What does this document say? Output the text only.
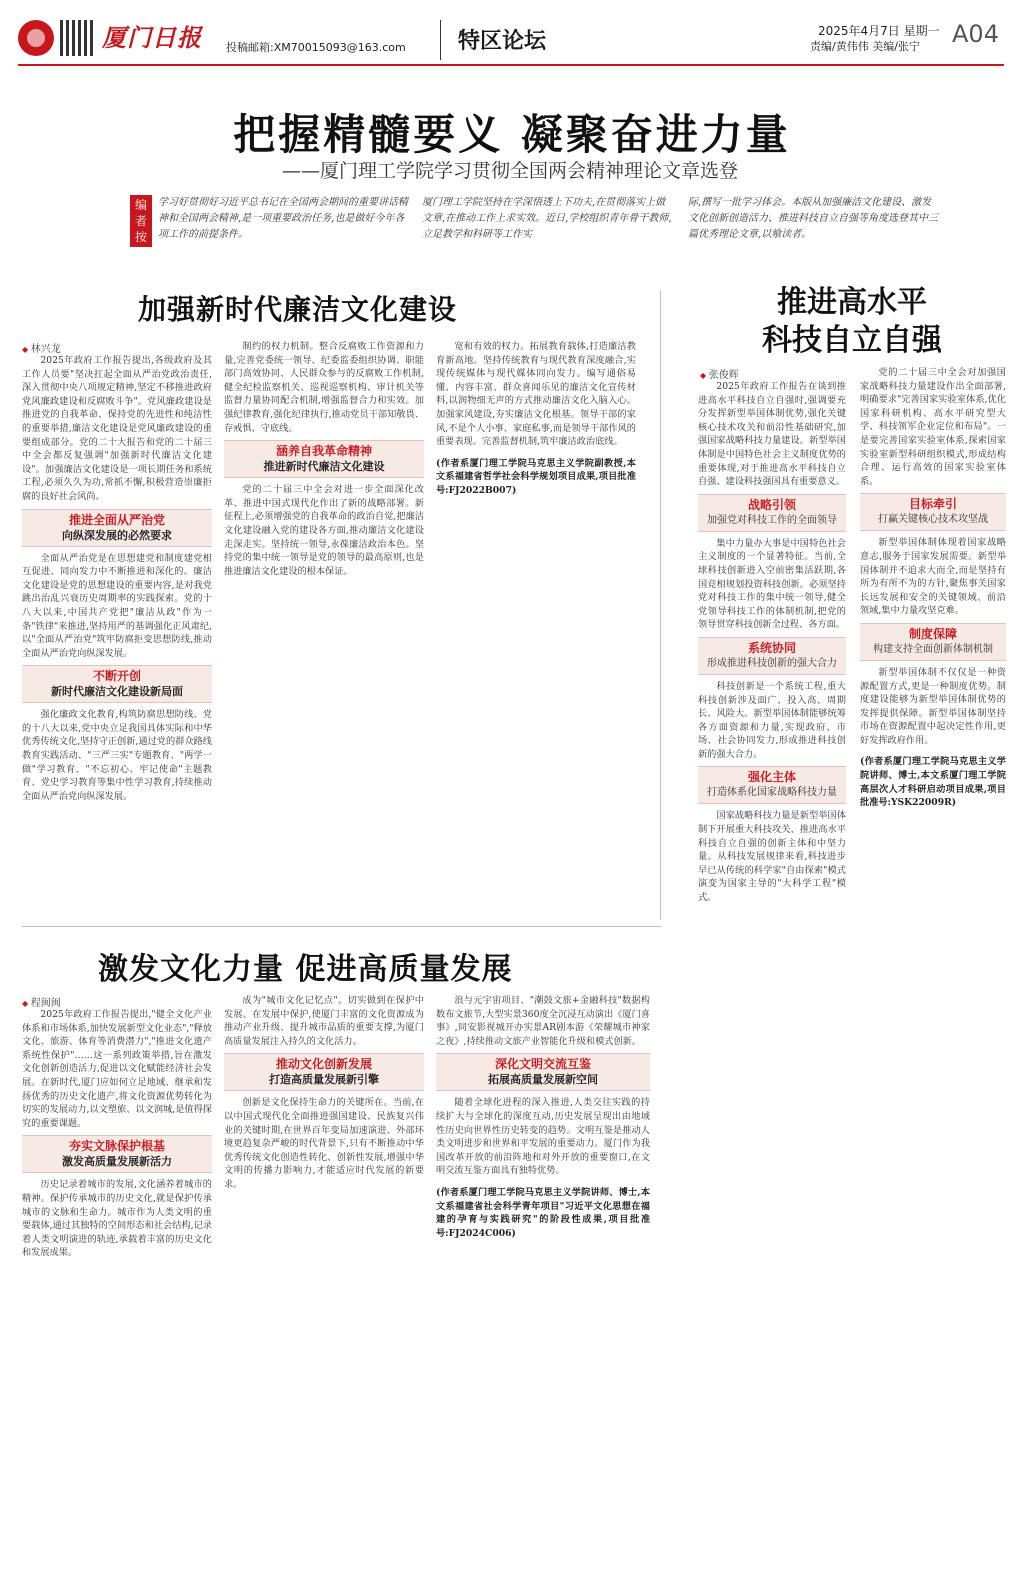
厦门日报 投稿邮箱:XM70015093@163.com 特区论坛	2025年4月7日 星期一
责编/黄伟伟 美编/张宁 A04
把握精髓要义 凝聚奋进力量
——厦门理工学院学习贯彻全国两会精神理论文章选登
编者按
学习好贯彻好习近平总书记在全国两会期间的重要讲话精神和全国两会精神,是一项重要政治任务,也是做好今年各项工作的前提条件。
厦门理工学院坚持在学深悟透上下功夫,在贯彻落实上做文章,在推动工作上求实效。近日,学校组织青年骨干教师,立足教学和科研等工作实
际,撰写一批学习体会。本版从加强廉洁文化建设、激发文化创新创造活力、推进科技自立自强等角度选登其中三篇优秀理论文章,以飨读者。
加强新时代廉洁文化建设
◆ 林兴龙

2025年政府工作报告提出,各级政府及其工作人员要"坚决扛起全面从严治党政治责任,深入贯彻中央八项规定精神,坚定不移推进政府党风廉政建设和反腐败斗争"。党风廉政建设是推进党的自我革命、保持党的先进性和纯洁性的重要举措,廉洁文化建设是党风廉政建设的重要组成部分。党的二十大报告和党的二十届三中全会都反复强调"加强新时代廉洁文化建设"。加强廉洁文化建设是一项长期任务和系统工程,必须久久为功,常抓不懈,积极营造崇廉拒腐的良好社会风尚。

推进全面从严治党
向纵深发展的必然要求

全面从严治党是在思想建党和制度建党相互促进、同向发力中不断推进和深化的。廉洁文化建设是党的思想建设的重要内容,是对我党跳出治乱兴衰历史周期率的实践探索。党的十八大以来,中国共产党把"廉洁从政"作为一条"铁律"来推进,坚持用严的基调强化正风肃纪,以"全面从严治党"筑牢防腐拒变思想防线,推动全面从严治党向纵深发展。

不断开创
新时代廉洁文化建设新局面

强化廉政文化教育,构筑防腐思想防线。党的十八大以来,党中央立足我国具体实际和中华优秀传统文化,坚持守正创新,通过党的群众路线教育实践活动、"三严三实"专题教育、"两学一做"学习教育、"不忘初心、牢记使命"主题教育、党史学习教育等集中性学习教育,持续推动全面从严治党向纵深发展。

制约的权力机制。整合反腐败工作资源和力量,完善党委统一领导、纪委监委组织协调、职能部门高效协同、人民群众参与的反腐败工作机制,健全纪检监察机关、巡视巡察机构、审计机关等监督力量协同配合机制,增强监督合力和实效。加强纪律教育,强化纪律执行,推动党员干部知敬畏、存戒惧、守底线。

涵养自我革命精神
推进新时代廉洁文化建设

党的二十届三中全会对进一步全面深化改革、推进中国式现代化作出了新的战略部署。新征程上,必须增强党的自我革命的政治自觉,把廉洁文化建设融入党的建设各方面,推动廉洁文化建设走深走实。坚持统一领导,永葆廉洁政治本色。坚持党的集中统一领导是党的领导的最高原则,也是推进廉洁文化建设的根本保证。

宽和有效的权力。拓展教育载体,打造廉洁教育新高地。坚持传统教育与现代教育深度融合,实现传统媒体与现代媒体同向发力。编写通俗易懂、内容丰富、群众喜闻乐见的廉洁文化宣传材料,以润物细无声的方式推动廉洁文化入脑入心。加强家风建设,夯实廉洁文化根基。领导干部的家风,不是个人小事、家庭私事,而是领导干部作风的重要表现。完善监督机制,筑牢廉洁政治底线。

(作者系厦门理工学院马克思主义学院副教授,本文系福建省哲学社会科学规划项目成果,项目批准号:FJ2022B007)

推进高水平
科技自立自强
◆ 张俊辉

2025年政府工作报告在谈到推进高水平科技自立自强时,强调要充分发挥新型举国体制优势,强化关键核心技术攻关和前沿性基础研究,加强国家战略科技力量建设。新型举国体制是中国特色社会主义制度优势的重要体现,对于推进高水平科技自立自强、建设科技强国具有重要意义。

战略引领
加强党对科技工作的全面领导

集中力量办大事是中国特色社会主义制度的一个显著特征。当前,全球科技创新进入空前密集活跃期,各国竞相规划投资科技创新。必须坚持党对科技工作的集中统一领导,健全党领导科技工作的体制机制,把党的领导贯穿科技创新全过程、各方面。

系统协同
形成推进科技创新的强大合力

科技创新是一个系统工程,重大科技创新涉及面广、投入高、周期长、风险大。新型举国体制能够统筹各方面资源和力量,实现政府、市场、社会协同发力,形成推进科技创新的强大合力。

强化主体
打造体系化国家战略科技力量

国家战略科技力量是新型举国体制下开展重大科技攻关、推进高水平科技自立自强的创新主体和中坚力量。从科技发展规律来看,科技进步早已从传统的科学家"自由探索"模式演变为国家主导的"大科学工程"模式。

党的二十届三中全会对加强国家战略科技力量建设作出全面部署,明确要求"完善国家实验室体系,优化国家科研机构、高水平研究型大学、科技领军企业定位和布局"。一是要完善国家实验室体系,探索国家实验室新型科研组织模式,形成结构合理、运行高效的国家实验室体系。

目标牵引
打赢关键核心技术攻坚战

新型举国体制体现着国家战略意志,服务于国家发展需要。新型举国体制并不追求大而全,而是坚持有所为有所不为的方针,聚焦事关国家长远发展和安全的关键领域、前沿领域,集中力量攻坚克难。

制度保障
构建支持全面创新体制机制

新型举国体制不仅仅是一种资源配置方式,更是一种制度优势。制度建设能够为新型举国体制优势的发挥提供保障。新型举国体制坚持市场在资源配置中起决定性作用,更好发挥政府作用。

(作者系厦门理工学院马克思主义学院讲师、博士,本文系厦门理工学院高层次人才科研启动项目成果,项目批准号:YSK22009R)

激发文化力量 促进高质量发展
◆ 程闽闽

2025年政府工作报告提出,"健全文化产业体系和市场体系,加快发展新型文化业态","释放文化、旅游、体育等消费潜力","推进文化遗产系统性保护"……这一系列政策举措,旨在激发文化创新创造活力,促进以文化赋能经济社会发展。在新时代,厦门应如何立足地域、继承和发扬优秀的历史文化遗产,将文化资源优势转化为切实的发展动力,以文塑旅、以文润城,是值得探究的重要课题。

夯实文脉保护根基
激发高质量发展新活力

历史记录着城市的发展,文化涵养着城市的精神。保护传承城市的历史文化,就是保护传承城市的文脉和生命力。城市作为人类文明的重要载体,通过其独特的空间形态和社会结构,记录着人类文明演进的轨迹,承载着丰富的历史文化和发展成果。

成为"城市文化记忆点"。切实做到在保护中发展、在发展中保护,使厦门丰富的文化资源成为推动产业升级、提升城市品质的重要支撑,为厦门高质量发展注入持久的文化活力。

推动文化创新发展
打造高质量发展新引擎

创新是文化保持生命力的关键所在。当前,在以中国式现代化全面推进强国建设、民族复兴伟业的关键时期,在世界百年变局加速演进、外部环境更趋复杂严峻的时代背景下,只有不断推动中华优秀传统文化创造性转化、创新性发展,增强中华文明的传播力影响力,才能适应时代发展的新要求。

浪与元宇宙项目、"潮鼓文旅+金融科技"数据构数布文旅节,大型实景360度全沉浸互动演出《厦门喜事》,同安影视城开办实景AR剧本游《荣耀城市神家之夜》,持续推动文旅产业智能化升级和模式创新。

深化文明交流互鉴
拓展高质量发展新空间

随着全球化进程的深入推进,人类交往实践的持续扩大与全球化的深度互动,历史发展呈现出由地域性历史向世界性历史转变的趋势。文明互鉴是推动人类文明进步和世界和平发展的重要动力。厦门作为我国改革开放的前沿阵地和对外开放的重要窗口,在文明交流互鉴方面具有独特优势。

(作者系厦门理工学院马克思主义学院讲师、博士,本文系福建省社会科学青年项目"习近平文化思想在福建的孕育与实践研究"的阶段性成果,项目批准号:FJ2024C006)
